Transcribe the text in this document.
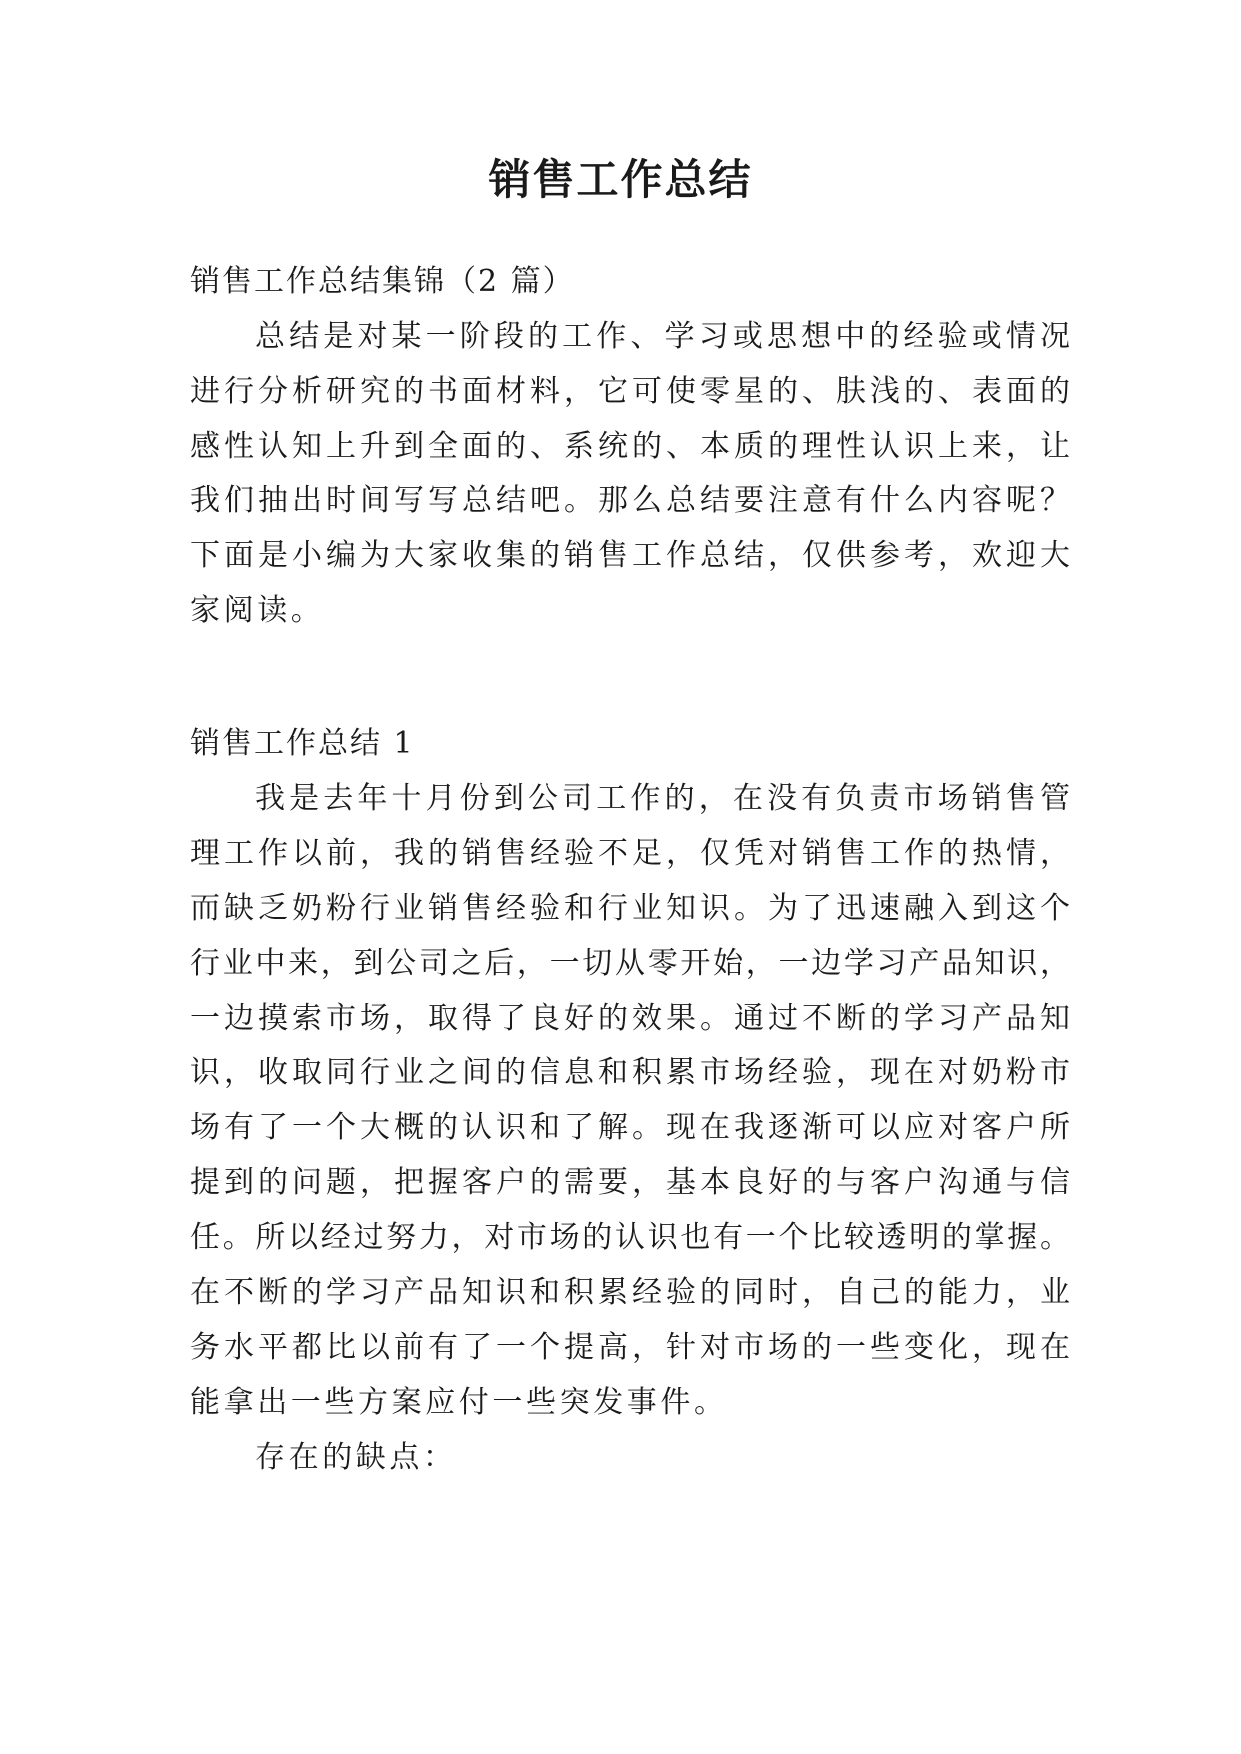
销售工作总结

销售工作总结集锦（2 篇）

总结是对某一阶段的工作、学习或思想中的经验或情况

进行分析研究的书面材料，它可使零星的、肤浅的、表面的

感性认知上升到全面的、系统的、本质的理性认识上来，让

我们抽出时间写写总结吧。那么总结要注意有什么内容呢？

下面是小编为大家收集的销售工作总结，仅供参考，欢迎大

家阅读。

销售工作总结 1

我是去年十月份到公司工作的，在没有负责市场销售管

理工作以前，我的销售经验不足，仅凭对销售工作的热情，

而缺乏奶粉行业销售经验和行业知识。为了迅速融入到这个

行业中来，到公司之后，一切从零开始，一边学习产品知识，

一边摸索市场，取得了良好的效果。通过不断的学习产品知

识，收取同行业之间的信息和积累市场经验，现在对奶粉市

场有了一个大概的认识和了解。现在我逐渐可以应对客户所

提到的问题，把握客户的需要，基本良好的与客户沟通与信

任。所以经过努力，对市场的认识也有一个比较透明的掌握。

在不断的学习产品知识和积累经验的同时，自己的能力，业

务水平都比以前有了一个提高，针对市场的一些变化，现在

能拿出一些方案应付一些突发事件。

存在的缺点：
